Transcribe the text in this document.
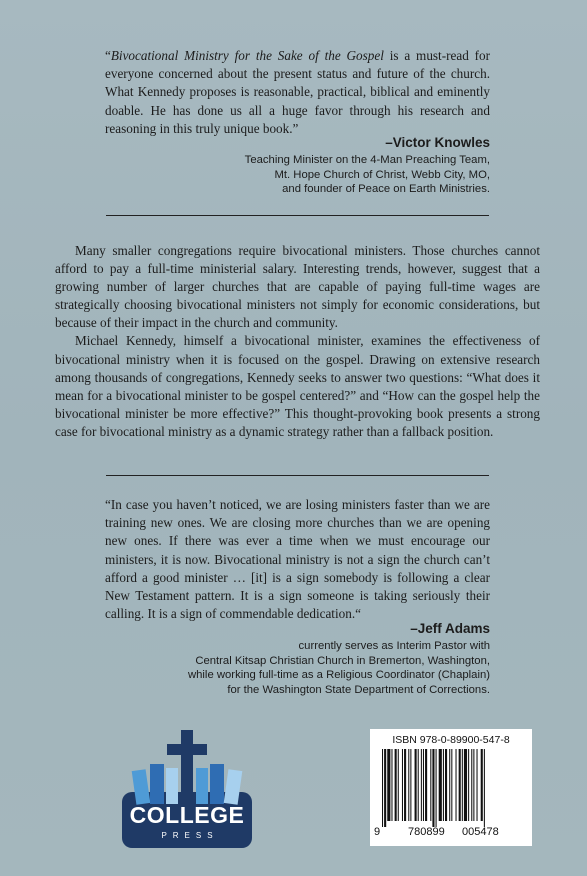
“Bivocational Ministry for the Sake of the Gospel is a must-read for everyone concerned about the present status and future of the church. What Kennedy proposes is reasonable, practical, biblical and eminently doable. He has done us all a huge favor through his research and reasoning in this truly unique book.”
–Victor Knowles
Teaching Minister on the 4-Man Preaching Team,
Mt. Hope Church of Christ, Webb City, MO,
and founder of Peace on Earth Ministries.

Many smaller congregations require bivocational ministers. Those churches cannot afford to pay a full-time ministerial salary. Interesting trends, however, suggest that a growing number of larger churches that are capable of paying full-time wages are strategically choosing bivocational ministers not simply for economic considerations, but because of their impact in the church and community.

Michael Kennedy, himself a bivocational minister, examines the effectiveness of bivocational ministry when it is focused on the gospel. Drawing on extensive research among thousands of congregations, Kennedy seeks to answer two questions: “What does it mean for a bivocational minister to be gospel centered?” and “How can the gospel help the bivocational minister be more effective?” This thought-provoking book presents a strong case for bivocational ministry as a dynamic strategy rather than a fallback position.

“In case you haven’t noticed, we are losing ministers faster than we are training new ones. We are closing more churches than we are opening new ones. If there was ever a time when we must encourage our ministers, it is now. Bivocational ministry is not a sign the church can’t afford a good minister … [it] is a sign somebody is following a clear New Testament pattern. It is a sign someone is taking seriously their calling. It is a sign of commendable dedication.“
–Jeff Adams
currently serves as Interim Pastor with
Central Kitsap Christian Church in Bremerton, Washington,
while working full-time as a Religious Coordinator (Chaplain)
for the Washington State Department of Corrections.
COLLEGE
PRESS
ISBN 978-0-89900-547-8
9	780899 005478
